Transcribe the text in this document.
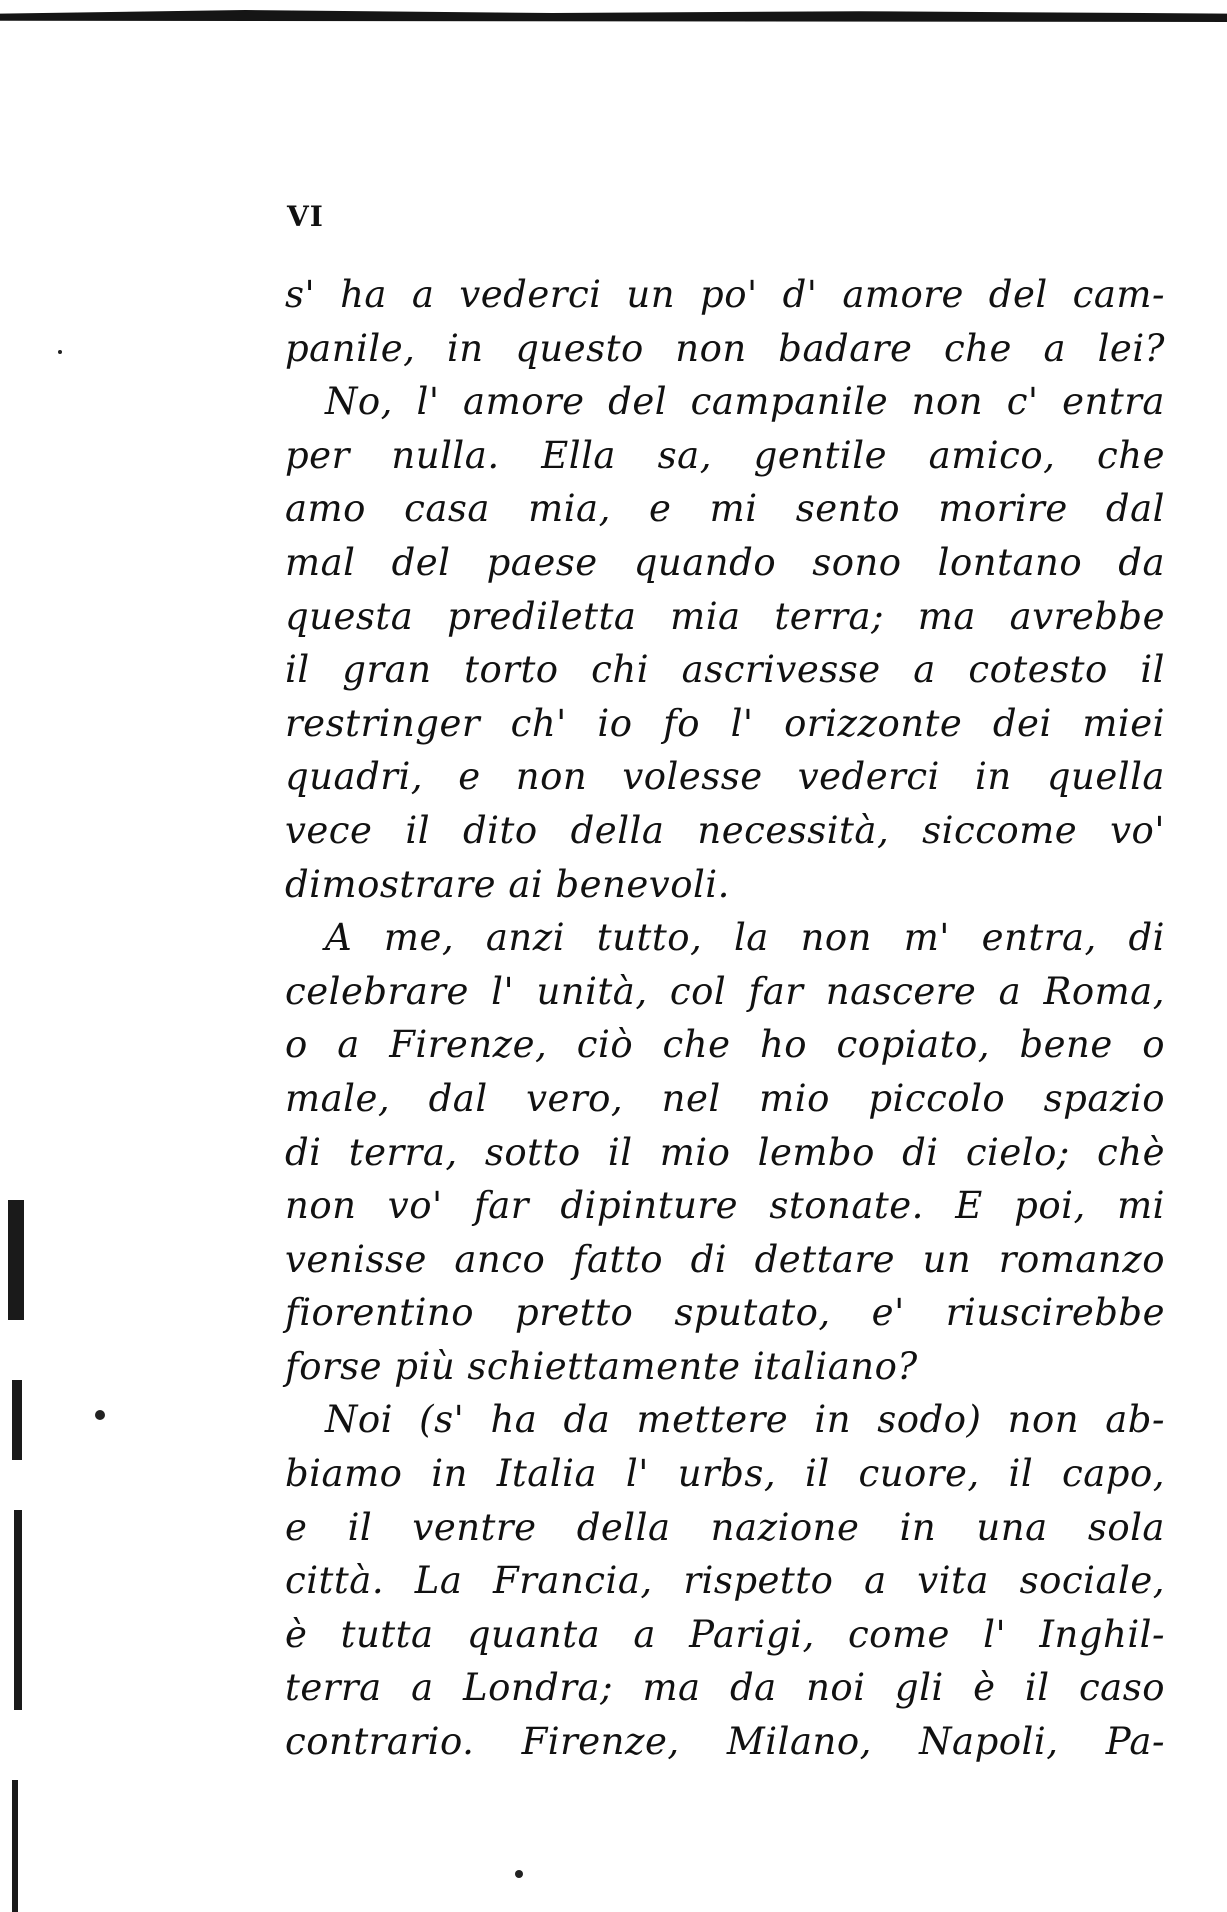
VI
s' ha a vederci un po' d' amore del cam-
panile, in questo non badare che a lei?
No, l' amore del campanile non c' entra
per nulla. Ella sa, gentile amico, che
amo casa mia, e mi sento morire dal
mal del paese quando sono lontano da
questa prediletta mia terra; ma avrebbe
il gran torto chi ascrivesse a cotesto il
restringer ch' io fo l' orizzonte dei miei
quadri, e non volesse vederci in quella
vece il dito della necessità, siccome vo'
dimostrare ai benevoli.
A me, anzi tutto, la non m' entra, di
celebrare l' unità, col far nascere a Roma,
o a Firenze, ciò che ho copiato, bene o
male, dal vero, nel mio piccolo spazio
di terra, sotto il mio lembo di cielo; chè
non vo' far dipinture stonate. E poi, mi
venisse anco fatto di dettare un romanzo
fiorentino pretto sputato, e' riuscirebbe
forse più schiettamente italiano?
Noi (s' ha da mettere in sodo) non ab-
biamo in Italia l' urbs, il cuore, il capo,
e il ventre della nazione in una sola
città. La Francia, rispetto a vita sociale,
è tutta quanta a Parigi, come l' Inghil-
terra a Londra; ma da noi gli è il caso
contrario. Firenze, Milano, Napoli, Pa-
